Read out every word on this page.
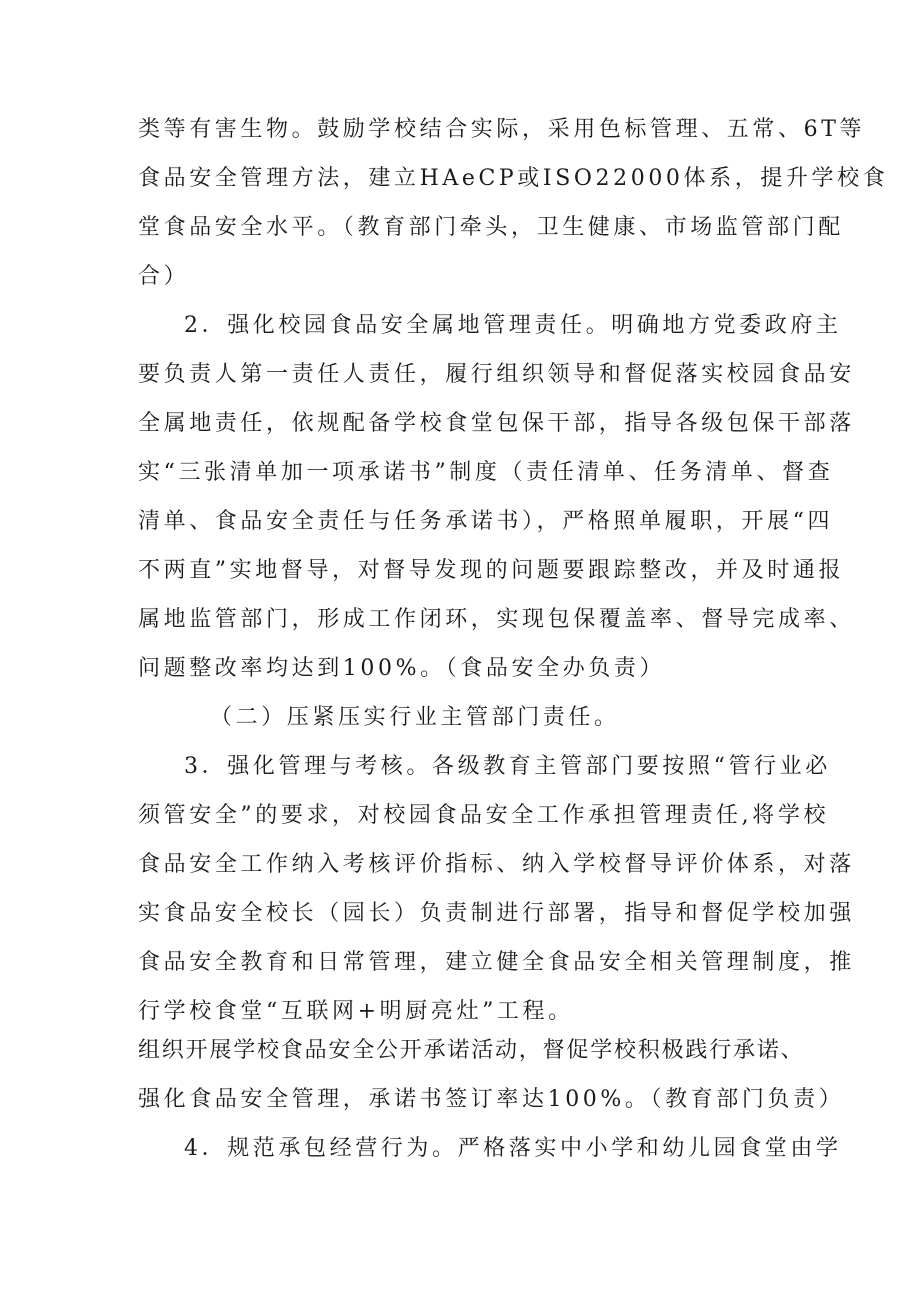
类等有害生物。鼓励学校结合实际，采用色标管理、五常、6T等

食品安全管理方法，建立HAeCP或ISO22000体系，提升学校食

堂食品安全水平。（教育部门牵头，卫生健康、市场监管部门配

合）

2．强化校园食品安全属地管理责任。明确地方党委政府主

要负责人第一责任人责任，履行组织领导和督促落实校园食品安

全属地责任，依规配备学校食堂包保干部，指导各级包保干部落

实“三张清单加一项承诺书”制度（责任清单、任务清单、督查

清单、食品安全责任与任务承诺书），严格照单履职，开展“四

不两直”实地督导，对督导发现的问题要跟踪整改，并及时通报

属地监管部门，形成工作闭环，实现包保覆盖率、督导完成率、

问题整改率均达到100%。（食品安全办负责）

（二）压紧压实行业主管部门责任。

3．强化管理与考核。各级教育主管部门要按照“管行业必

须管安全”的要求，对校园食品安全工作承担管理责任,将学校

食品安全工作纳入考核评价指标、纳入学校督导评价体系，对落

实食品安全校长（园长）负责制进行部署，指导和督促学校加强

食品安全教育和日常管理，建立健全食品安全相关管理制度，推

行学校食堂“互联网+明厨亮灶”工程。

组织开展学校食品安全公开承诺活动，督促学校积极践行承诺、

强化食品安全管理，承诺书签订率达100%。（教育部门负责）

4．规范承包经营行为。严格落实中小学和幼儿园食堂由学
